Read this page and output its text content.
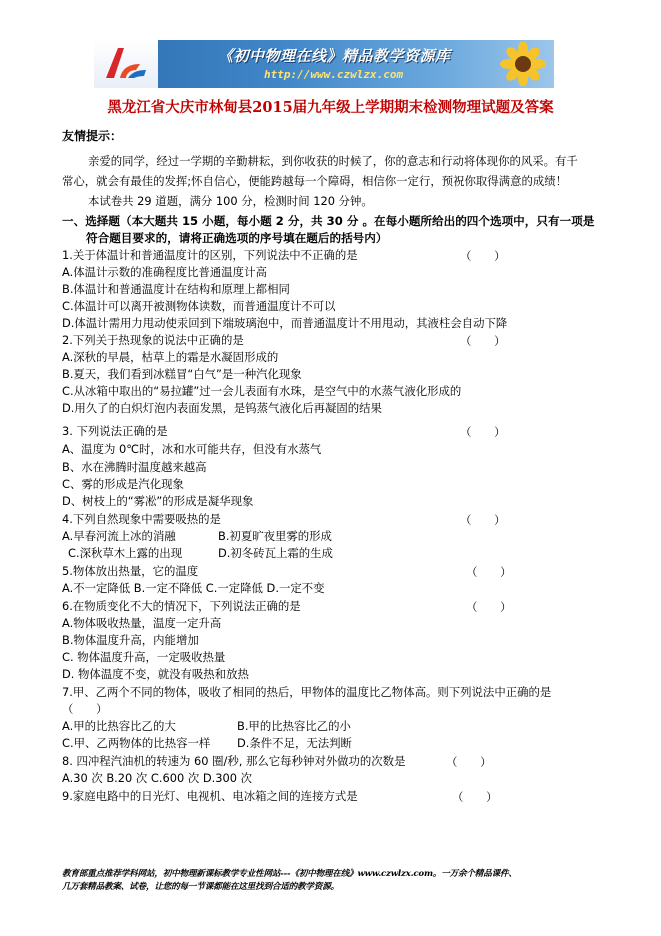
《初中物理在线》精品教学资源库
http://www.czwlzx.com
黑龙江省大庆市林甸县2015届九年级上学期期末检测物理试题及答案
友情提示：
亲爱的同学，经过一学期的辛勤耕耘，到你收获的时候了，你的意志和行动将体现你的风采。有千
常心，就会有最佳的发挥;怀自信心，便能跨越每一个障碍，相信你一定行，预祝你取得满意的成绩！
本试卷共 29 道题，满分 100 分，检测时间 120 分钟。
一、选择题（本大题共 15 小题，每小题 2 分，共 30 分 。在每小题所给出的四个选项中，只有一项是
符合题目要求的，请将正确选项的序号填在题后的括号内）
1.关于体温计和普通温度计的区别，下列说法中不正确的是	（　　）
A.体温计示数的准确程度比普通温度计高
B.体温计和普通温度计在结构和原理上都相同
C.体温计可以离开被测物体读数，而普通温度计不可以
D.体温计需用力甩动使汞回到下端玻璃泡中，而普通温度计不用甩动，其液柱会自动下降
2.下列关于热现象的说法中正确的是	（　　）
A.深秋的早晨，枯草上的霜是水凝固形成的
B.夏天，我们看到冰糕冒“白气”是一种汽化现象
C.从冰箱中取出的“易拉罐”过一会儿表面有水珠，是空气中的水蒸气液化形成的
D.用久了的白炽灯泡内表面发黑，是钨蒸气液化后再凝固的结果
3. 下列说法正确的是	（　　）
A、温度为 0℃时，冰和水可能共存，但没有水蒸气
B、水在沸腾时温度越来越高
C、雾的形成是汽化现象
D、树枝上的“雾凇”的形成是凝华现象
4.下列自然现象中需要吸热的是	（　　）
A.早春河流上冰的消融	B.初夏旷夜里雾的形成
C.深秋草木上露的出现	D.初冬砖瓦上霜的生成
5.物体放出热量，它的温度	（　　）
A.不一定降低 B.一定不降低 C.一定降低 D.一定不变
6.在物质变化不大的情况下，下列说法正确的是	（　　）
A.物体吸收热量，温度一定升高
B.物体温度升高，内能增加
C. 物体温度升高，一定吸收热量
D. 物体温度不变，就没有吸热和放热
7.甲、乙两个不同的物体，吸收了相同的热后，甲物体的温度比乙物体高。则下列说法中正确的是
（　　）
A.甲的比热容比乙的大	B.甲的比热容比乙的小
C.甲、乙两物体的比热容一样 D.条件不足，无法判断
8. 四冲程汽油机的转速为 60 圈/秒, 那么它每秒钟对外做功的次数是	（　　）
A.30 次 B.20 次 C.600 次 D.300 次
9.家庭电路中的日光灯、电视机、电冰箱之间的连接方式是	（　　）
教育部重点推荐学科网站，初中物理新课标教学专业性网站---《初中物理在线》www.czwlzx.com。一万余个精品课件、
几万套精品教案、试卷，让您的每一节课都能在这里找到合适的教学资源。
